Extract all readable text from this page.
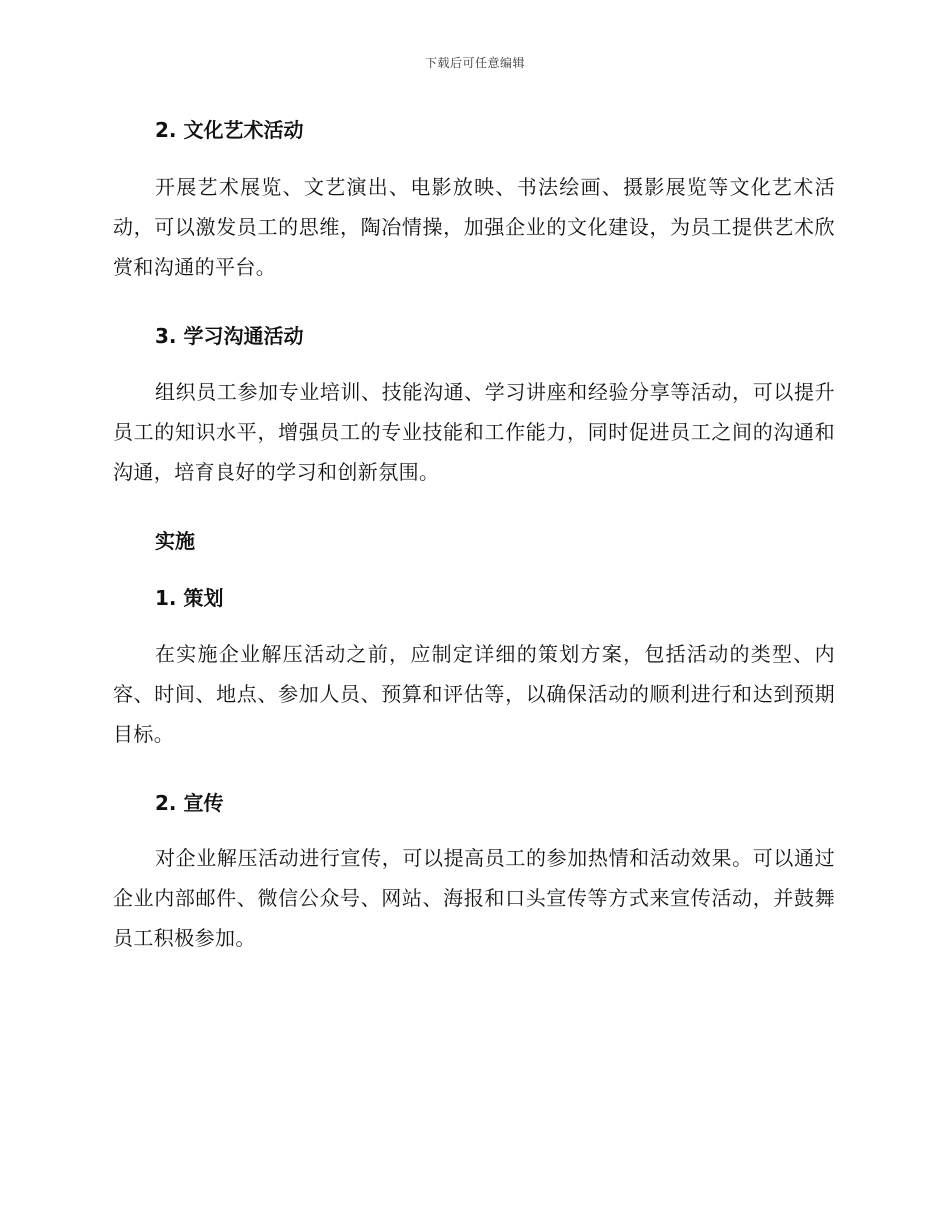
下载后可任意编辑
2. 文化艺术活动

开展艺术展览、文艺演出、电影放映、书法绘画、摄影展览等文化艺术活动，可以激发员工的思维，陶冶情操，加强企业的文化建设，为员工提供艺术欣赏和沟通的平台。

3. 学习沟通活动

组织员工参加专业培训、技能沟通、学习讲座和经验分享等活动，可以提升员工的知识水平，增强员工的专业技能和工作能力，同时促进员工之间的沟通和沟通，培育良好的学习和创新氛围。

实施
1. 策划

在实施企业解压活动之前，应制定详细的策划方案，包括活动的类型、内容、时间、地点、参加人员、预算和评估等，以确保活动的顺利进行和达到预期目标。

2. 宣传

对企业解压活动进行宣传，可以提高员工的参加热情和活动效果。可以通过企业内部邮件、微信公众号、网站、海报和口头宣传等方式来宣传活动，并鼓舞员工积极参加。
